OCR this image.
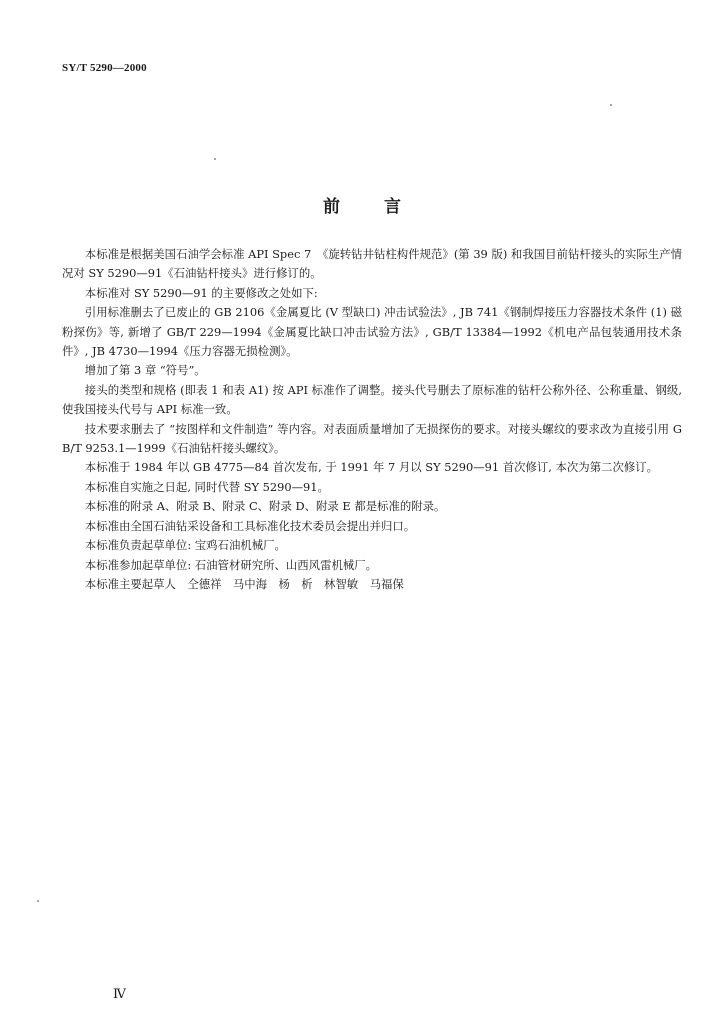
SY/T 5290—2000
前言

本标准是根据美国石油学会标准 API Spec 7　《旋转钻井钻柱构件规范》(第 39 版) 和我国目前钻杆接头的实际生产情况对 SY 5290—91《石油钻杆接头》进行修订的。

本标准对 SY 5290—91 的主要修改之处如下:

引用标准删去了已废止的 GB 2106《金属夏比 (V 型缺口) 冲击试验法》, JB 741《钢制焊接压力容器技术条件 (1) 磁粉探伤》等, 新增了 GB/T 229—1994《金属夏比缺口冲击试验方法》, GB/T 13384—1992《机电产品包装通用技术条件》, JB 4730—1994《压力容器无损检测》。

增加了第 3 章 “符号”。

接头的类型和规格 (即表 1 和表 A1) 按 API 标准作了调整。接头代号删去了原标准的钻杆公称外径、公称重量、钢级, 使我国接头代号与 API 标准一致。

技术要求删去了 “按图样和文件制造” 等内容。对表面质量增加了无损探伤的要求。对接头螺纹的要求改为直接引用 GB/T 9253.1—1999《石油钻杆接头螺纹》。

本标准于 1984 年以 GB 4775—84 首次发布, 于 1991 年 7 月以 SY 5290—91 首次修订, 本次为第二次修订。

本标准自实施之日起, 同时代替 SY 5290—91。

本标准的附录 A、附录 B、附录 C、附录 D、附录 E 都是标准的附录。

本标准由全国石油钻采设备和工具标准化技术委员会提出并归口。

本标准负责起草单位: 宝鸡石油机械厂。

本标准参加起草单位: 石油管材研究所、山西风雷机械厂。

本标准主要起草人　仝德祥　马中海　杨　析　林智敏　马福保

Ⅳ
